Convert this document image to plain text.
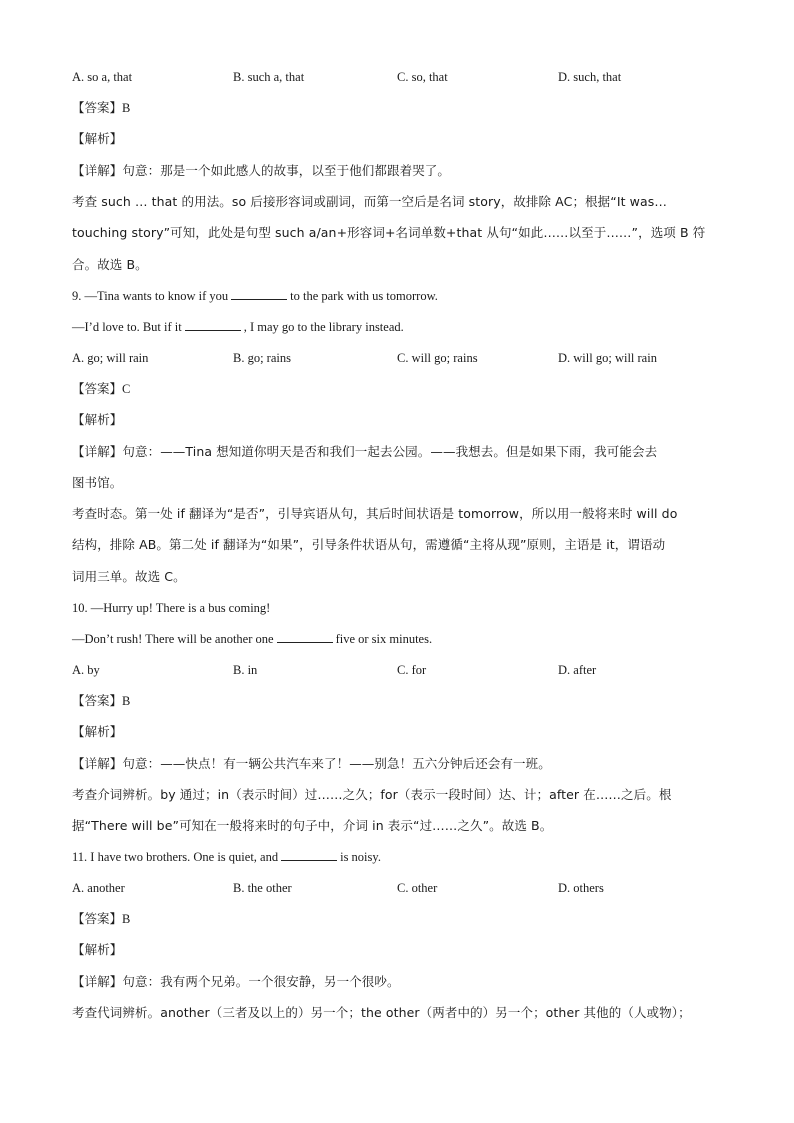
A. so a, that	B. such a, that	C. so, that	D. such, that
【答案】B
【解析】
【详解】句意：那是一个如此感人的故事，以至于他们都跟着哭了。
考查 such … that 的用法。so 后接形容词或副词，而第一空后是名词 story，故排除 AC；根据“It was…
touching story”可知，此处是句型 such a/an+形容词+名词单数+that 从句“如此……以至于……”，选项 B 符
合。故选 B。
9. —Tina wants to know if you	to the park with us tomorrow.
—I’d love to. But if it	, I may go to the library instead.
A. go; will rain	B. go; rains	C. will go; rains	D. will go; will rain
【答案】C
【解析】
【详解】句意：——Tina 想知道你明天是否和我们一起去公园。——我想去。但是如果下雨，我可能会去
图书馆。
考查时态。第一处 if 翻译为“是否”，引导宾语从句，其后时间状语是 tomorrow，所以用一般将来时 will do
结构，排除 AB。第二处 if 翻译为“如果”，引导条件状语从句，需遵循“主将从现”原则，主语是 it，谓语动
词用三单。故选 C。
10. —Hurry up! There is a bus coming!
—Don’t rush! There will be another one	five or six minutes.
A. by	B. in	C. for	D. after
【答案】B
【解析】
【详解】句意：——快点！有一辆公共汽车来了！——别急！五六分钟后还会有一班。
考查介词辨析。by 通过；in（表示时间）过……之久；for（表示一段时间）达、计；after 在……之后。根
据“There will be”可知在一般将来时的句子中，介词 in 表示“过……之久”。故选 B。
11. I have two brothers. One is quiet, and	is noisy.
A. another	B. the other	C. other	D. others
【答案】B
【解析】
【详解】句意：我有两个兄弟。一个很安静，另一个很吵。
考查代词辨析。another（三者及以上的）另一个；the other（两者中的）另一个；other 其他的（人或物）；
